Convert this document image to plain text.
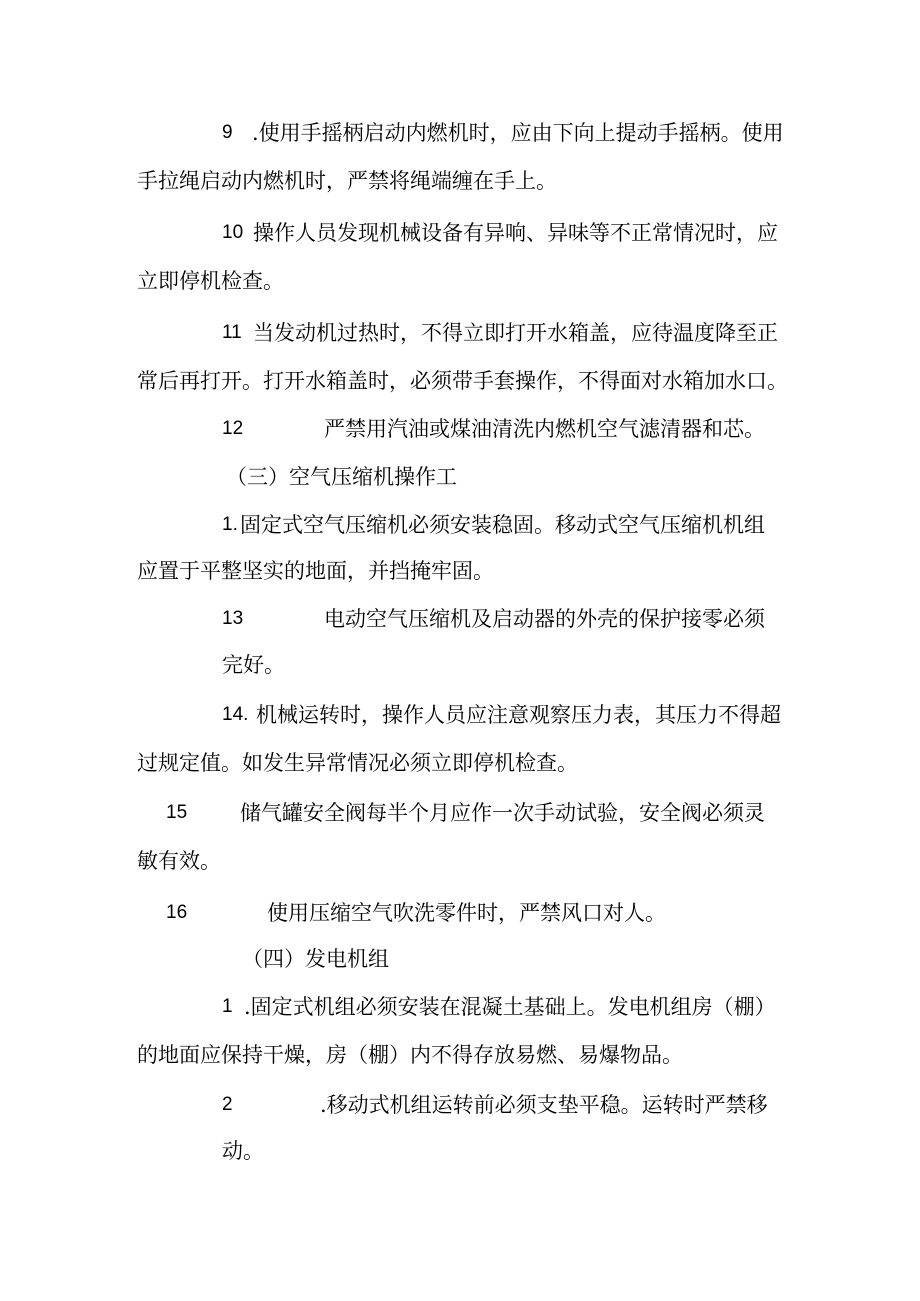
9 .使用手摇柄启动内燃机时，应由下向上提动手摇柄。使用
手拉绳启动内燃机时，严禁将绳端缠在手上。
10 操作人员发现机械设备有异响、异味等不正常情况时，应
立即停机检查。
11 当发动机过热时，不得立即打开水箱盖，应待温度降至正
常后再打开。打开水箱盖时，必须带手套操作，不得面对水箱加水口。
12	严禁用汽油或煤油清洗内燃机空气滤清器和芯。
（三）空气压缩机操作工
1. 固定式空气压缩机必须安装稳固。移动式空气压缩机机组
应置于平整坚实的地面，并挡掩牢固。
13	电动空气压缩机及启动器的外壳的保护接零必须
完好。
14. 机械运转时，操作人员应注意观察压力表，其压力不得超
过规定值。如发生异常情况必须立即停机检查。
15	储气罐安全阀每半个月应作一次手动试验，安全阀必须灵
敏有效。
16	使用压缩空气吹洗零件时，严禁风口对人。
（四）发电机组
1 .固定式机组必须安装在混凝土基础上。发电机组房（棚）
的地面应保持干燥，房（棚）内不得存放易燃、易爆物品。
2	.移动式机组运转前必须支垫平稳。运转时严禁移
动。
